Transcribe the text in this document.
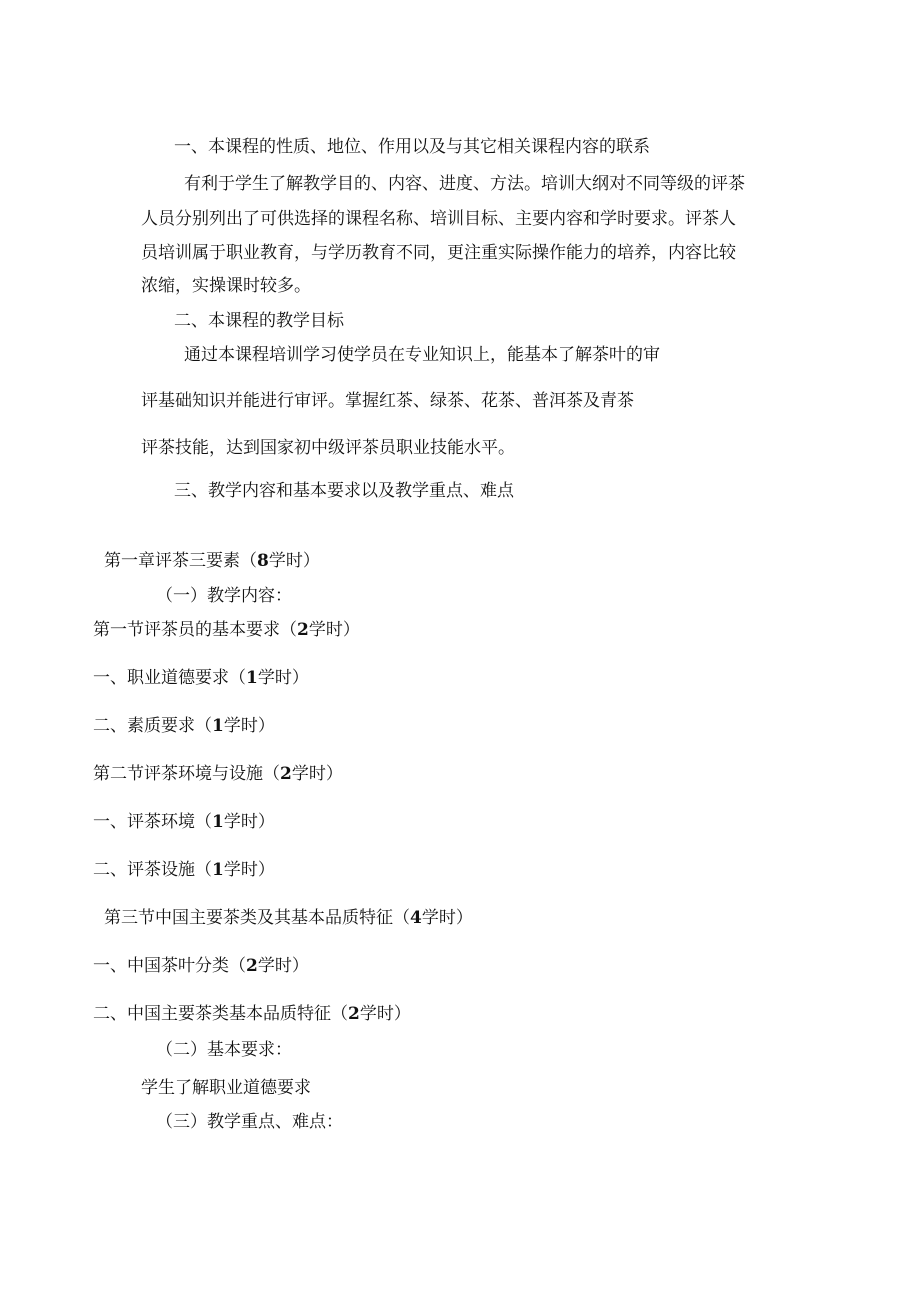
一、本课程的性质、地位、作用以及与其它相关课程内容的联系

有利于学生了解教学目的、内容、进度、方法。培训大纲对不同等级的评茶

人员分别列出了可供选择的课程名称、培训目标、主要内容和学时要求。评茶人

员培训属于职业教育，与学历教育不同，更注重实际操作能力的培养，内容比较

浓缩，实操课时较多。

二、本课程的教学目标

通过本课程培训学习使学员在专业知识上，能基本了解茶叶的审

评基础知识并能进行审评。掌握红茶、绿茶、花茶、普洱茶及青茶

评茶技能，达到国家初中级评茶员职业技能水平。

三、教学内容和基本要求以及教学重点、难点

第一章评茶三要素（8学时）

（一）教学内容：

第一节评茶员的基本要求（2学时）

一、职业道德要求（1学时）

二、素质要求（1学时）

第二节评茶环境与设施（2学时）

一、评茶环境（1学时）

二、评茶设施（1学时）

第三节中国主要茶类及其基本品质特征（4学时）

一、中国茶叶分类（2学时）

二、中国主要茶类基本品质特征（2学时）

（二）基本要求：

学生了解职业道德要求

（三）教学重点、难点：
